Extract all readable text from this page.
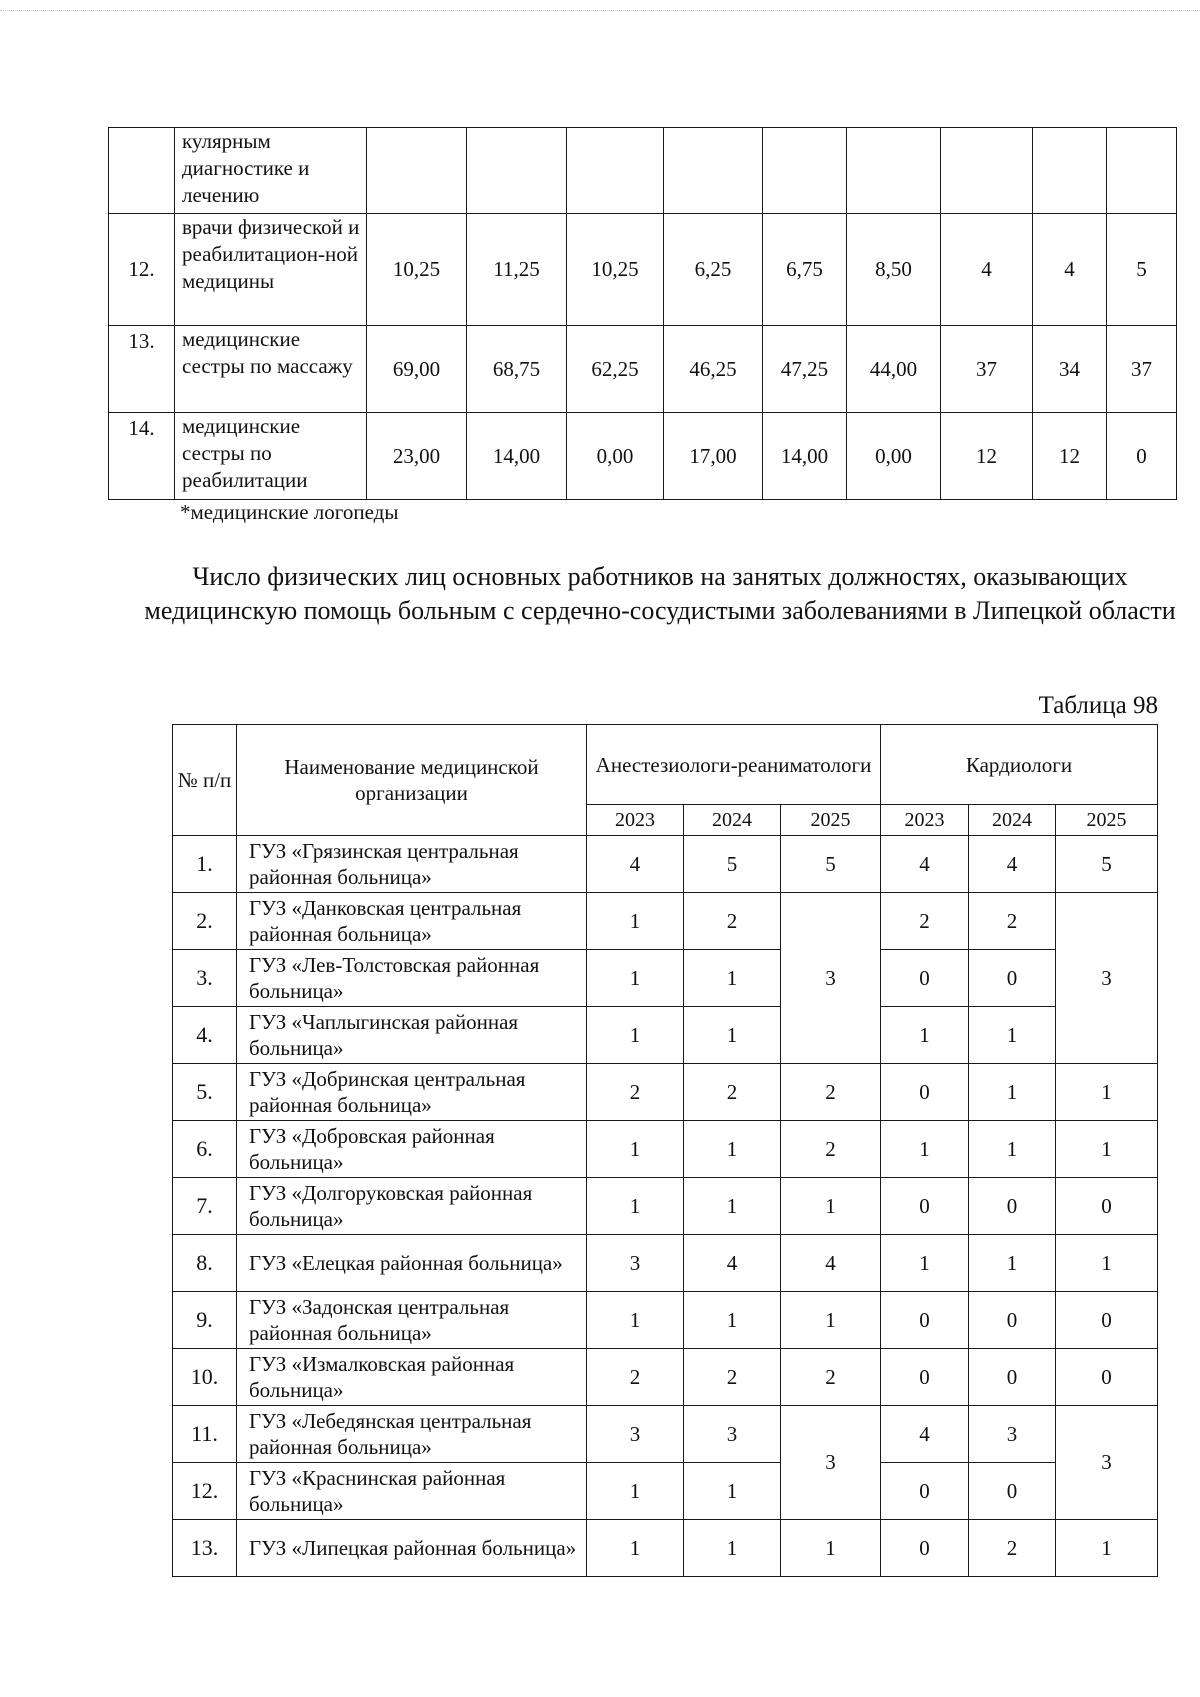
	кулярным диагностике и лечению									
12.	врачи физической и реабилитацион-ной медицины	10,25	11,25	10,25	6,25	6,75	8,50	4	4	5
13.	медицинские сестры по массажу	69,00	68,75	62,25	46,25	47,25	44,00	37	34	37
14.	медицинские сестры по реабилитации	23,00	14,00	0,00	17,00	14,00	0,00	12	12	0
*медицинские логопеды
Число физических лиц основных работников на занятых должностях, оказывающих медицинскую помощь больным с сердечно-сосудистыми заболеваниями в Липецкой области
Таблица 98
№ п/п	Наименование медицинской организации	Анестезиологи-реаниматологи			Кардиологи		
		2023	2024	2025	2023	2024	2025
1.	ГУЗ «Грязинская центральная районная больница»	4	5	5	4	4	5
2.	ГУЗ «Данковская центральная районная больница»	1	2	3	2	2	3
3.	ГУЗ «Лев-Толстовская районная больница»	1	1		0	0	
4.	ГУЗ «Чаплыгинская районная больница»	1	1		1	1	
5.	ГУЗ «Добринская центральная районная больница»	2	2	2	0	1	1
6.	ГУЗ «Добровская районная больница»	1	1	2	1	1	1
7.	ГУЗ «Долгоруковская районная больница»	1	1	1	0	0	0
8.	ГУЗ «Елецкая районная больница»	3	4	4	1	1	1
9.	ГУЗ «Задонская центральная районная больница»	1	1	1	0	0	0
10.	ГУЗ «Измалковская районная больница»	2	2	2	0	0	0
11.	ГУЗ «Лебедянская центральная районная больница»	3	3	3	4	3	3
12.	ГУЗ «Краснинская районная больница»	1	1		0	0	
13.	ГУЗ «Липецкая районная больница»	1	1	1	0	2	1
